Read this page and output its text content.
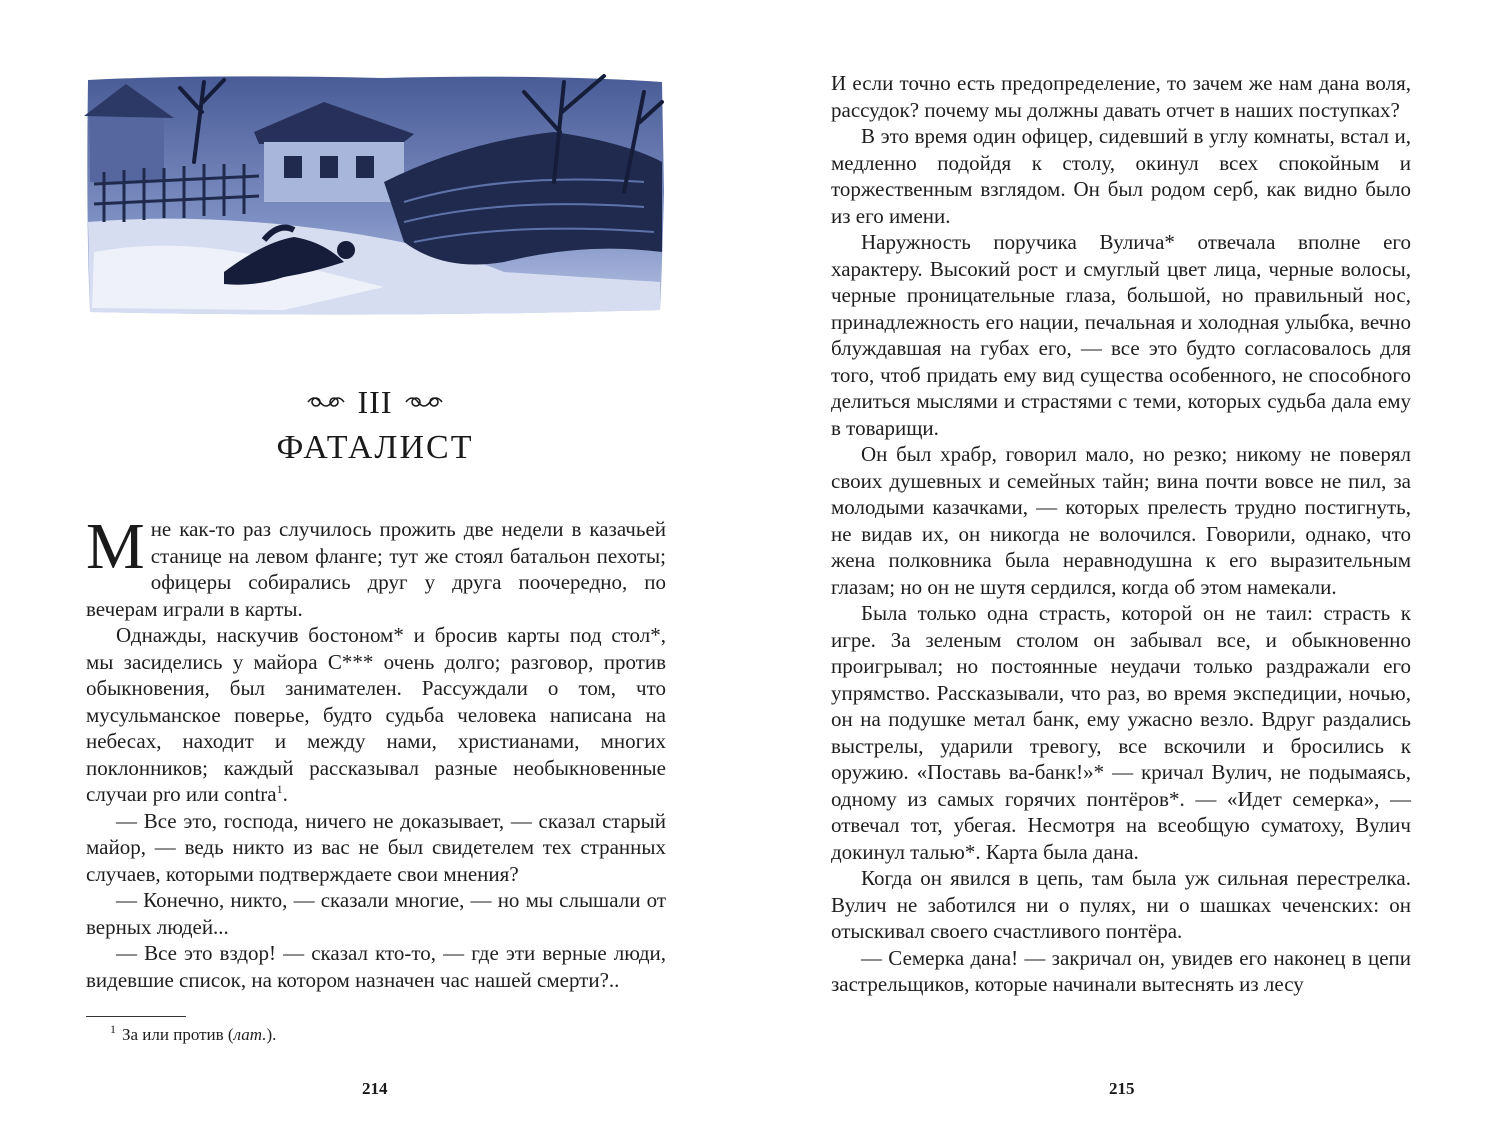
III
ФАТАЛИСТ

Мне как-то раз случилось прожить две недели в казачьей станице на левом фланге; тут же стоял батальон пехоты; офицеры собирались друг у друга поочередно, по вечерам играли в карты.

Однажды, наскучив бостоном* и бросив карты под стол*, мы засиделись у майора С*** очень долго; разговор, против обыкновения, был занимателен. Рассуждали о том, что мусульманское поверье, будто судьба человека написана на небесах, находит и между нами, христианами, многих поклонников; каждый рассказывал разные необыкновенные случаи pro или contra$^1$.

— Все это, господа, ничего не доказывает, — сказал старый майор, — ведь никто из вас не был свидетелем тех странных случаев, которыми подтверждаете свои мнения?

— Конечно, никто, — сказали многие, — но мы слышали от верных людей...

— Все это вздор! — сказал кто-то, — где эти верные люди, видевшие список, на котором назначен час нашей смерти?..

$^1$ За или против (лат.).
214

И если точно есть предопределение, то зачем же нам дана воля, рассудок? почему мы должны давать отчет в наших поступках?

В это время один офицер, сидевший в углу комнаты, встал и, медленно подойдя к столу, окинул всех спокойным и торжественным взглядом. Он был родом серб, как видно было из его имени.

Наружность поручика Вулича* отвечала вполне его характеру. Высокий рост и смуглый цвет лица, черные волосы, черные проницательные глаза, большой, но правильный нос, принадлежность его нации, печальная и холодная улыбка, вечно блуждавшая на губах его, — все это будто согласовалось для того, чтоб придать ему вид существа особенного, не способного делиться мыслями и страстями с теми, которых судьба дала ему в товарищи.

Он был храбр, говорил мало, но резко; никому не поверял своих душевных и семейных тайн; вина почти вовсе не пил, за молодыми казачками, — которых прелесть трудно постигнуть, не видав их, он никогда не волочился. Говорили, однако, что жена полковника была неравнодушна к его выразительным глазам; но он не шутя сердился, когда об этом намекали.

Была только одна страсть, которой он не таил: страсть к игре. За зеленым столом он забывал все, и обыкновенно проигрывал; но постоянные неудачи только раздражали его упрямство. Рассказывали, что раз, во время экспедиции, ночью, он на подушке метал банк, ему ужасно везло. Вдруг раздались выстрелы, ударили тревогу, все вскочили и бросились к оружию. «Поставь ва-банк!»* — кричал Вулич, не подымаясь, одному из самых горячих понтёров*. — «Идет семерка», — отвечал тот, убегая. Несмотря на всеобщую суматоху, Вулич докинул талью*. Карта была дана.

Когда он явился в цепь, там была уж сильная перестрелка. Вулич не заботился ни о пулях, ни о шашках чеченских: он отыскивал своего счастливого понтёра.

— Семерка дана! — закричал он, увидев его наконец в цепи застрельщиков, которые начинали вытеснять из лесу

215
